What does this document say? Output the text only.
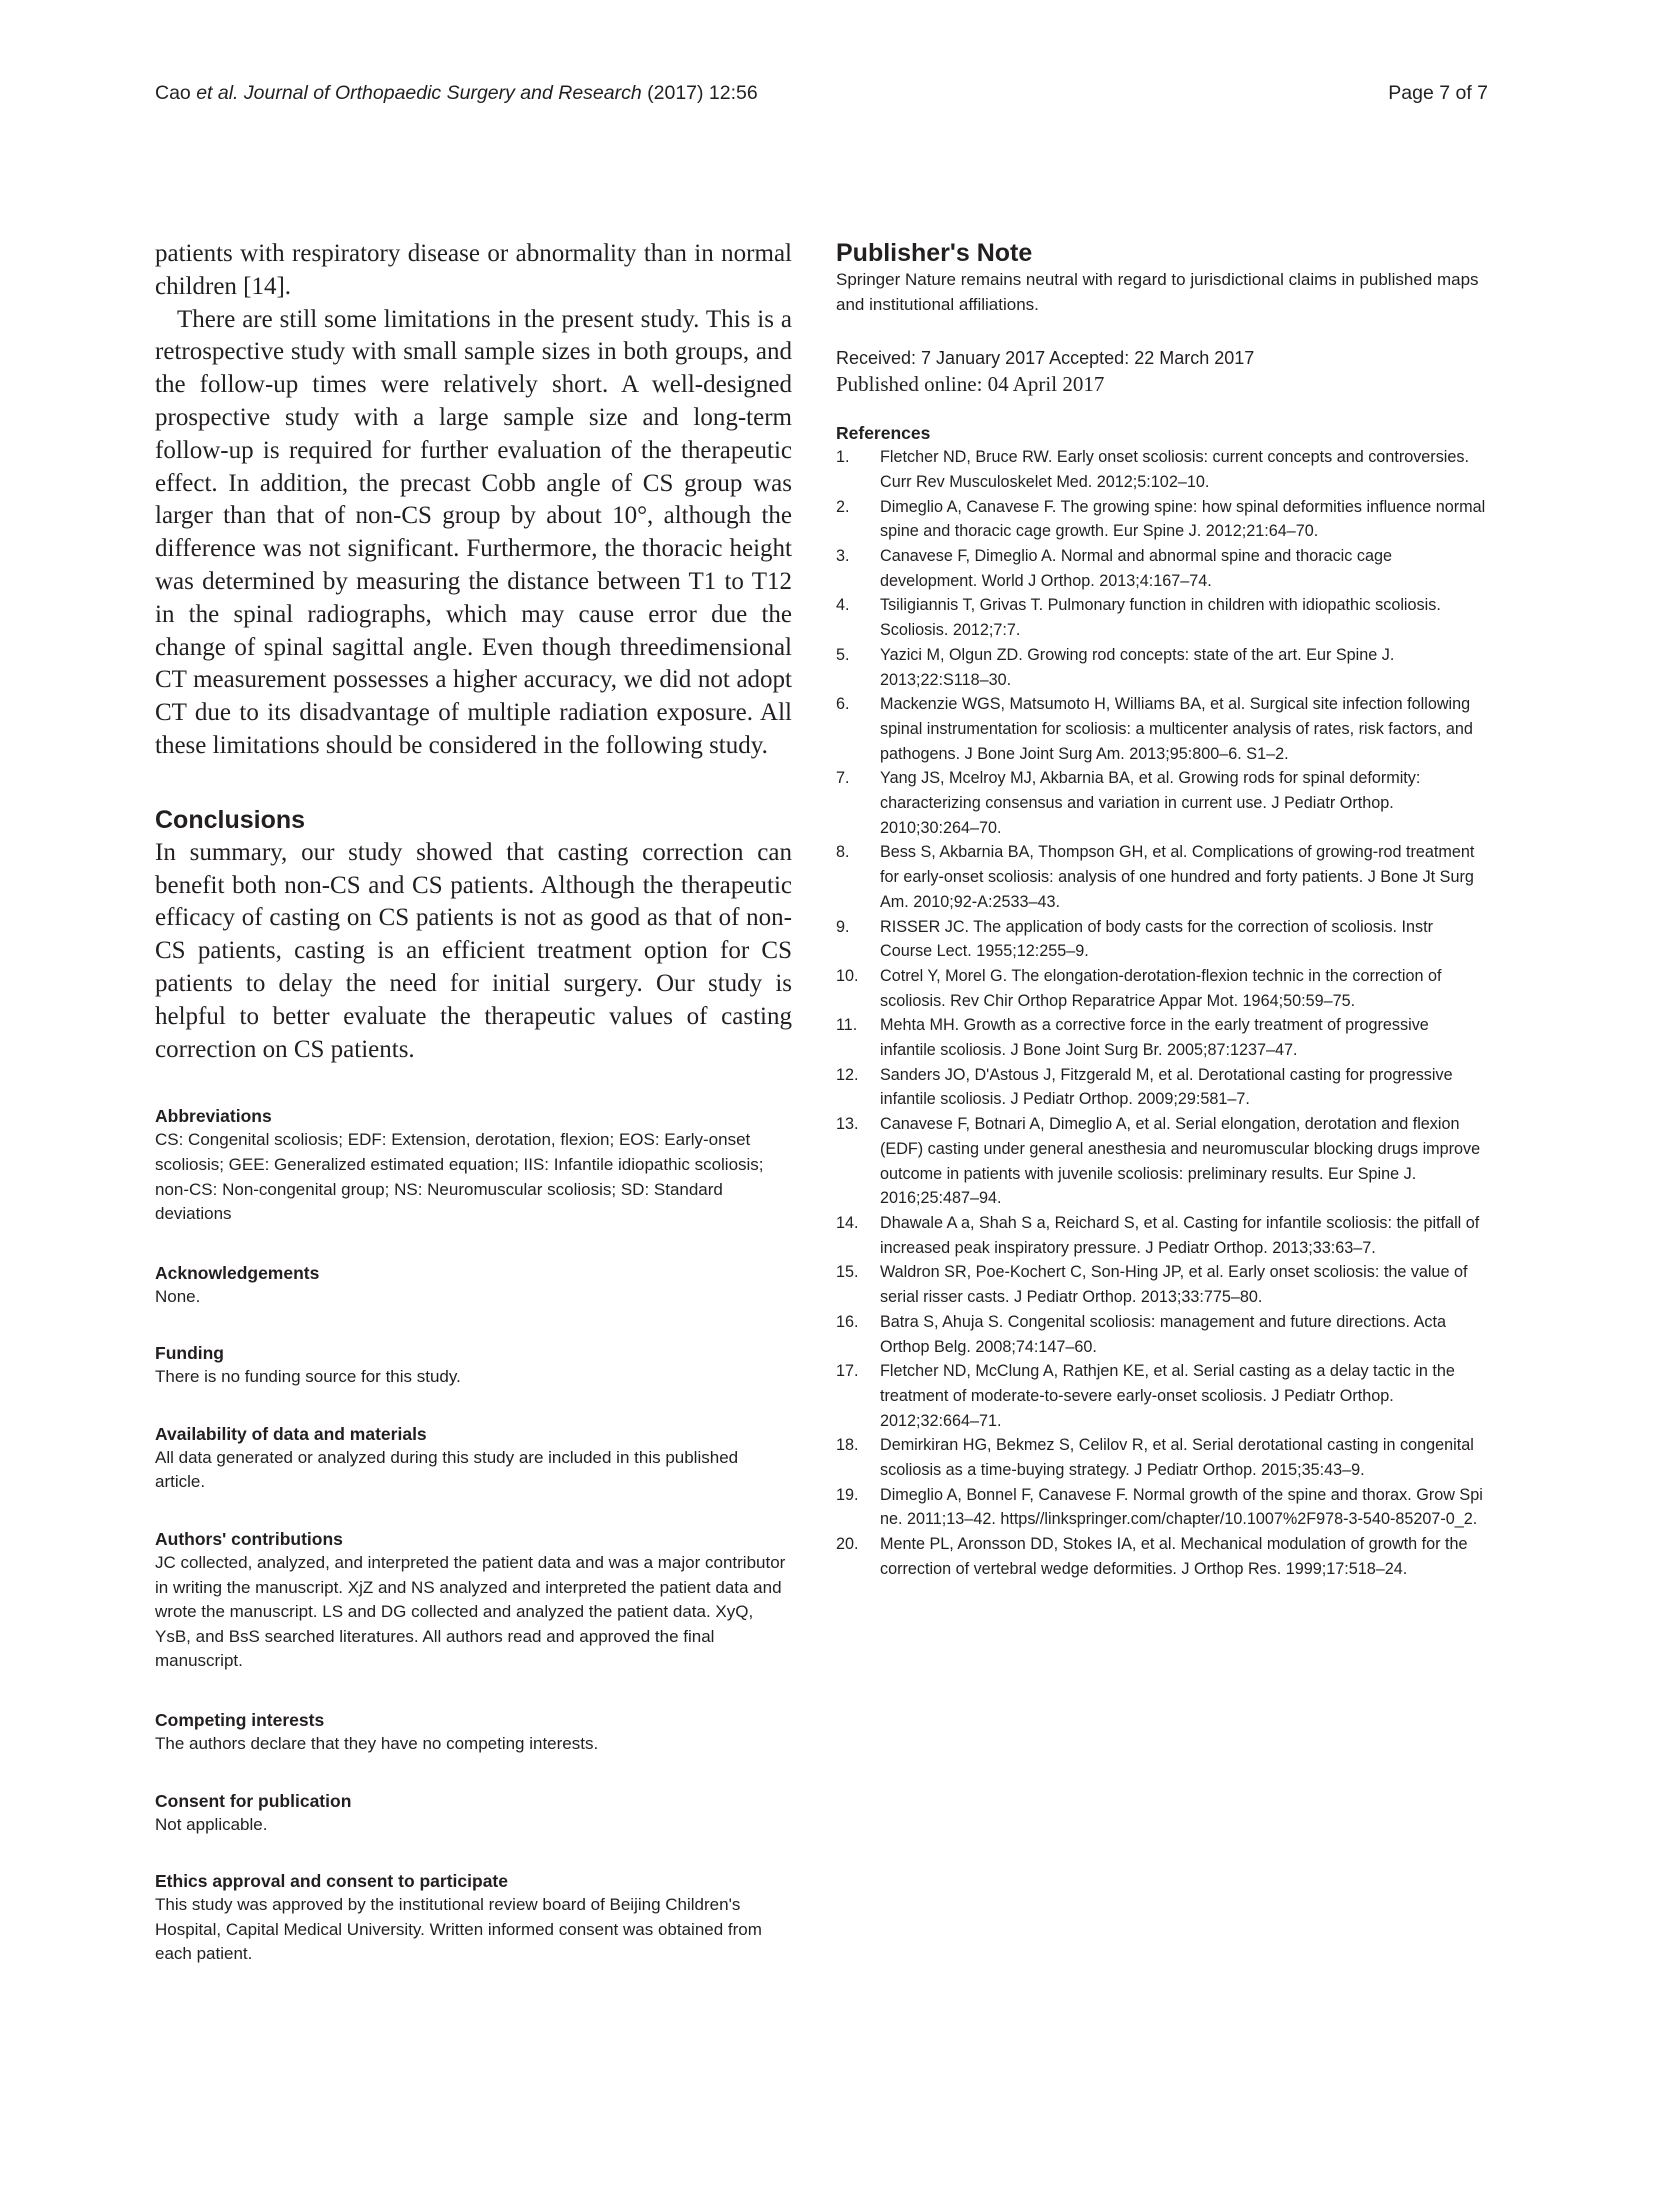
Cao et al. Journal of Orthopaedic Surgery and Research (2017) 12:56	Page 7 of 7

patients with respiratory disease or abnormality than in normal children [14].

There are still some limitations in the present study. This is a retrospective study with small sample sizes in both groups, and the follow-up times were relatively short. A well-designed prospective study with a large sample size and long-term follow-up is required for further evaluation of the therapeutic effect. In addition, the precast Cobb angle of CS group was larger than that of non-CS group by about 10°, although the difference was not significant. Furthermore, the thoracic height was determined by measuring the distance between T1 to T12 in the spinal radiographs, which may cause error due the change of spinal sagittal angle. Even though threedimensional CT measurement possesses a higher accuracy, we did not adopt CT due to its disadvantage of multiple radiation exposure. All these limitations should be considered in the following study.

Conclusions

In summary, our study showed that casting correction can benefit both non-CS and CS patients. Although the therapeutic efficacy of casting on CS patients is not as good as that of non-CS patients, casting is an efficient treatment option for CS patients to delay the need for initial surgery. Our study is helpful to better evaluate the therapeutic values of casting correction on CS patients.

Abbreviations

CS: Congenital scoliosis; EDF: Extension, derotation, flexion; EOS: Early-onset scoliosis; GEE: Generalized estimated equation; IIS: Infantile idiopathic scoliosis; non-CS: Non-congenital group; NS: Neuromuscular scoliosis; SD: Standard deviations

Acknowledgements

None.

Funding

There is no funding source for this study.

Availability of data and materials

All data generated or analyzed during this study are included in this published article.

Authors' contributions

JC collected, analyzed, and interpreted the patient data and was a major contributor in writing the manuscript. XjZ and NS analyzed and interpreted the patient data and wrote the manuscript. LS and DG collected and analyzed the patient data. XyQ, YsB, and BsS searched literatures. All authors read and approved the final manuscript.

Competing interests

The authors declare that they have no competing interests.

Consent for publication

Not applicable.

Ethics approval and consent to participate

This study was approved by the institutional review board of Beijing Children's Hospital, Capital Medical University. Written informed consent was obtained from each patient.

Publisher's Note

Springer Nature remains neutral with regard to jurisdictional claims in published maps and institutional affiliations.

Received: 7 January 2017 Accepted: 22 March 2017

Published online: 04 April 2017

References
1.	Fletcher ND, Bruce RW. Early onset scoliosis: current concepts and controversies. Curr Rev Musculoskelet Med. 2012;5:102–10.
2.	Dimeglio A, Canavese F. The growing spine: how spinal deformities influence normal spine and thoracic cage growth. Eur Spine J. 2012;21:64–70.
3.	Canavese F, Dimeglio A. Normal and abnormal spine and thoracic cage development. World J Orthop. 2013;4:167–74.
4.	Tsiligiannis T, Grivas T. Pulmonary function in children with idiopathic scoliosis. Scoliosis. 2012;7:7.
5.	Yazici M, Olgun ZD. Growing rod concepts: state of the art. Eur Spine J. 2013;22:S118–30.
6.	Mackenzie WGS, Matsumoto H, Williams BA, et al. Surgical site infection following spinal instrumentation for scoliosis: a multicenter analysis of rates, risk factors, and pathogens. J Bone Joint Surg Am. 2013;95:800–6. S1–2.
7.	Yang JS, Mcelroy MJ, Akbarnia BA, et al. Growing rods for spinal deformity: characterizing consensus and variation in current use. J Pediatr Orthop. 2010;30:264–70.
8.	Bess S, Akbarnia BA, Thompson GH, et al. Complications of growing-rod treatment for early-onset scoliosis: analysis of one hundred and forty patients. J Bone Jt Surg Am. 2010;92-A:2533–43.
9.	RISSER JC. The application of body casts for the correction of scoliosis. Instr Course Lect. 1955;12:255–9.
10.	Cotrel Y, Morel G. The elongation-derotation-flexion technic in the correction of scoliosis. Rev Chir Orthop Reparatrice Appar Mot. 1964;50:59–75.
11.	Mehta MH. Growth as a corrective force in the early treatment of progressive infantile scoliosis. J Bone Joint Surg Br. 2005;87:1237–47.
12.	Sanders JO, D'Astous J, Fitzgerald M, et al. Derotational casting for progressive infantile scoliosis. J Pediatr Orthop. 2009;29:581–7.
13.	Canavese F, Botnari A, Dimeglio A, et al. Serial elongation, derotation and flexion (EDF) casting under general anesthesia and neuromuscular blocking drugs improve outcome in patients with juvenile scoliosis: preliminary results. Eur Spine J. 2016;25:487–94.
14.	Dhawale A a, Shah S a, Reichard S, et al. Casting for infantile scoliosis: the pitfall of increased peak inspiratory pressure. J Pediatr Orthop. 2013;33:63–7.
15.	Waldron SR, Poe-Kochert C, Son-Hing JP, et al. Early onset scoliosis: the value of serial risser casts. J Pediatr Orthop. 2013;33:775–80.
16.	Batra S, Ahuja S. Congenital scoliosis: management and future directions. Acta Orthop Belg. 2008;74:147–60.
17.	Fletcher ND, McClung A, Rathjen KE, et al. Serial casting as a delay tactic in the treatment of moderate-to-severe early-onset scoliosis. J Pediatr Orthop. 2012;32:664–71.
18.	Demirkiran HG, Bekmez S, Celilov R, et al. Serial derotational casting in congenital scoliosis as a time-buying strategy. J Pediatr Orthop. 2015;35:43–9.
19.	Dimeglio A, Bonnel F, Canavese F. Normal growth of the spine and thorax. Grow Spine. 2011;13–42. https//linkspringer.com/chapter/10.1007%2F978-3-540-85207-0_2.
20.	Mente PL, Aronsson DD, Stokes IA, et al. Mechanical modulation of growth for the correction of vertebral wedge deformities. J Orthop Res. 1999;17:518–24.
